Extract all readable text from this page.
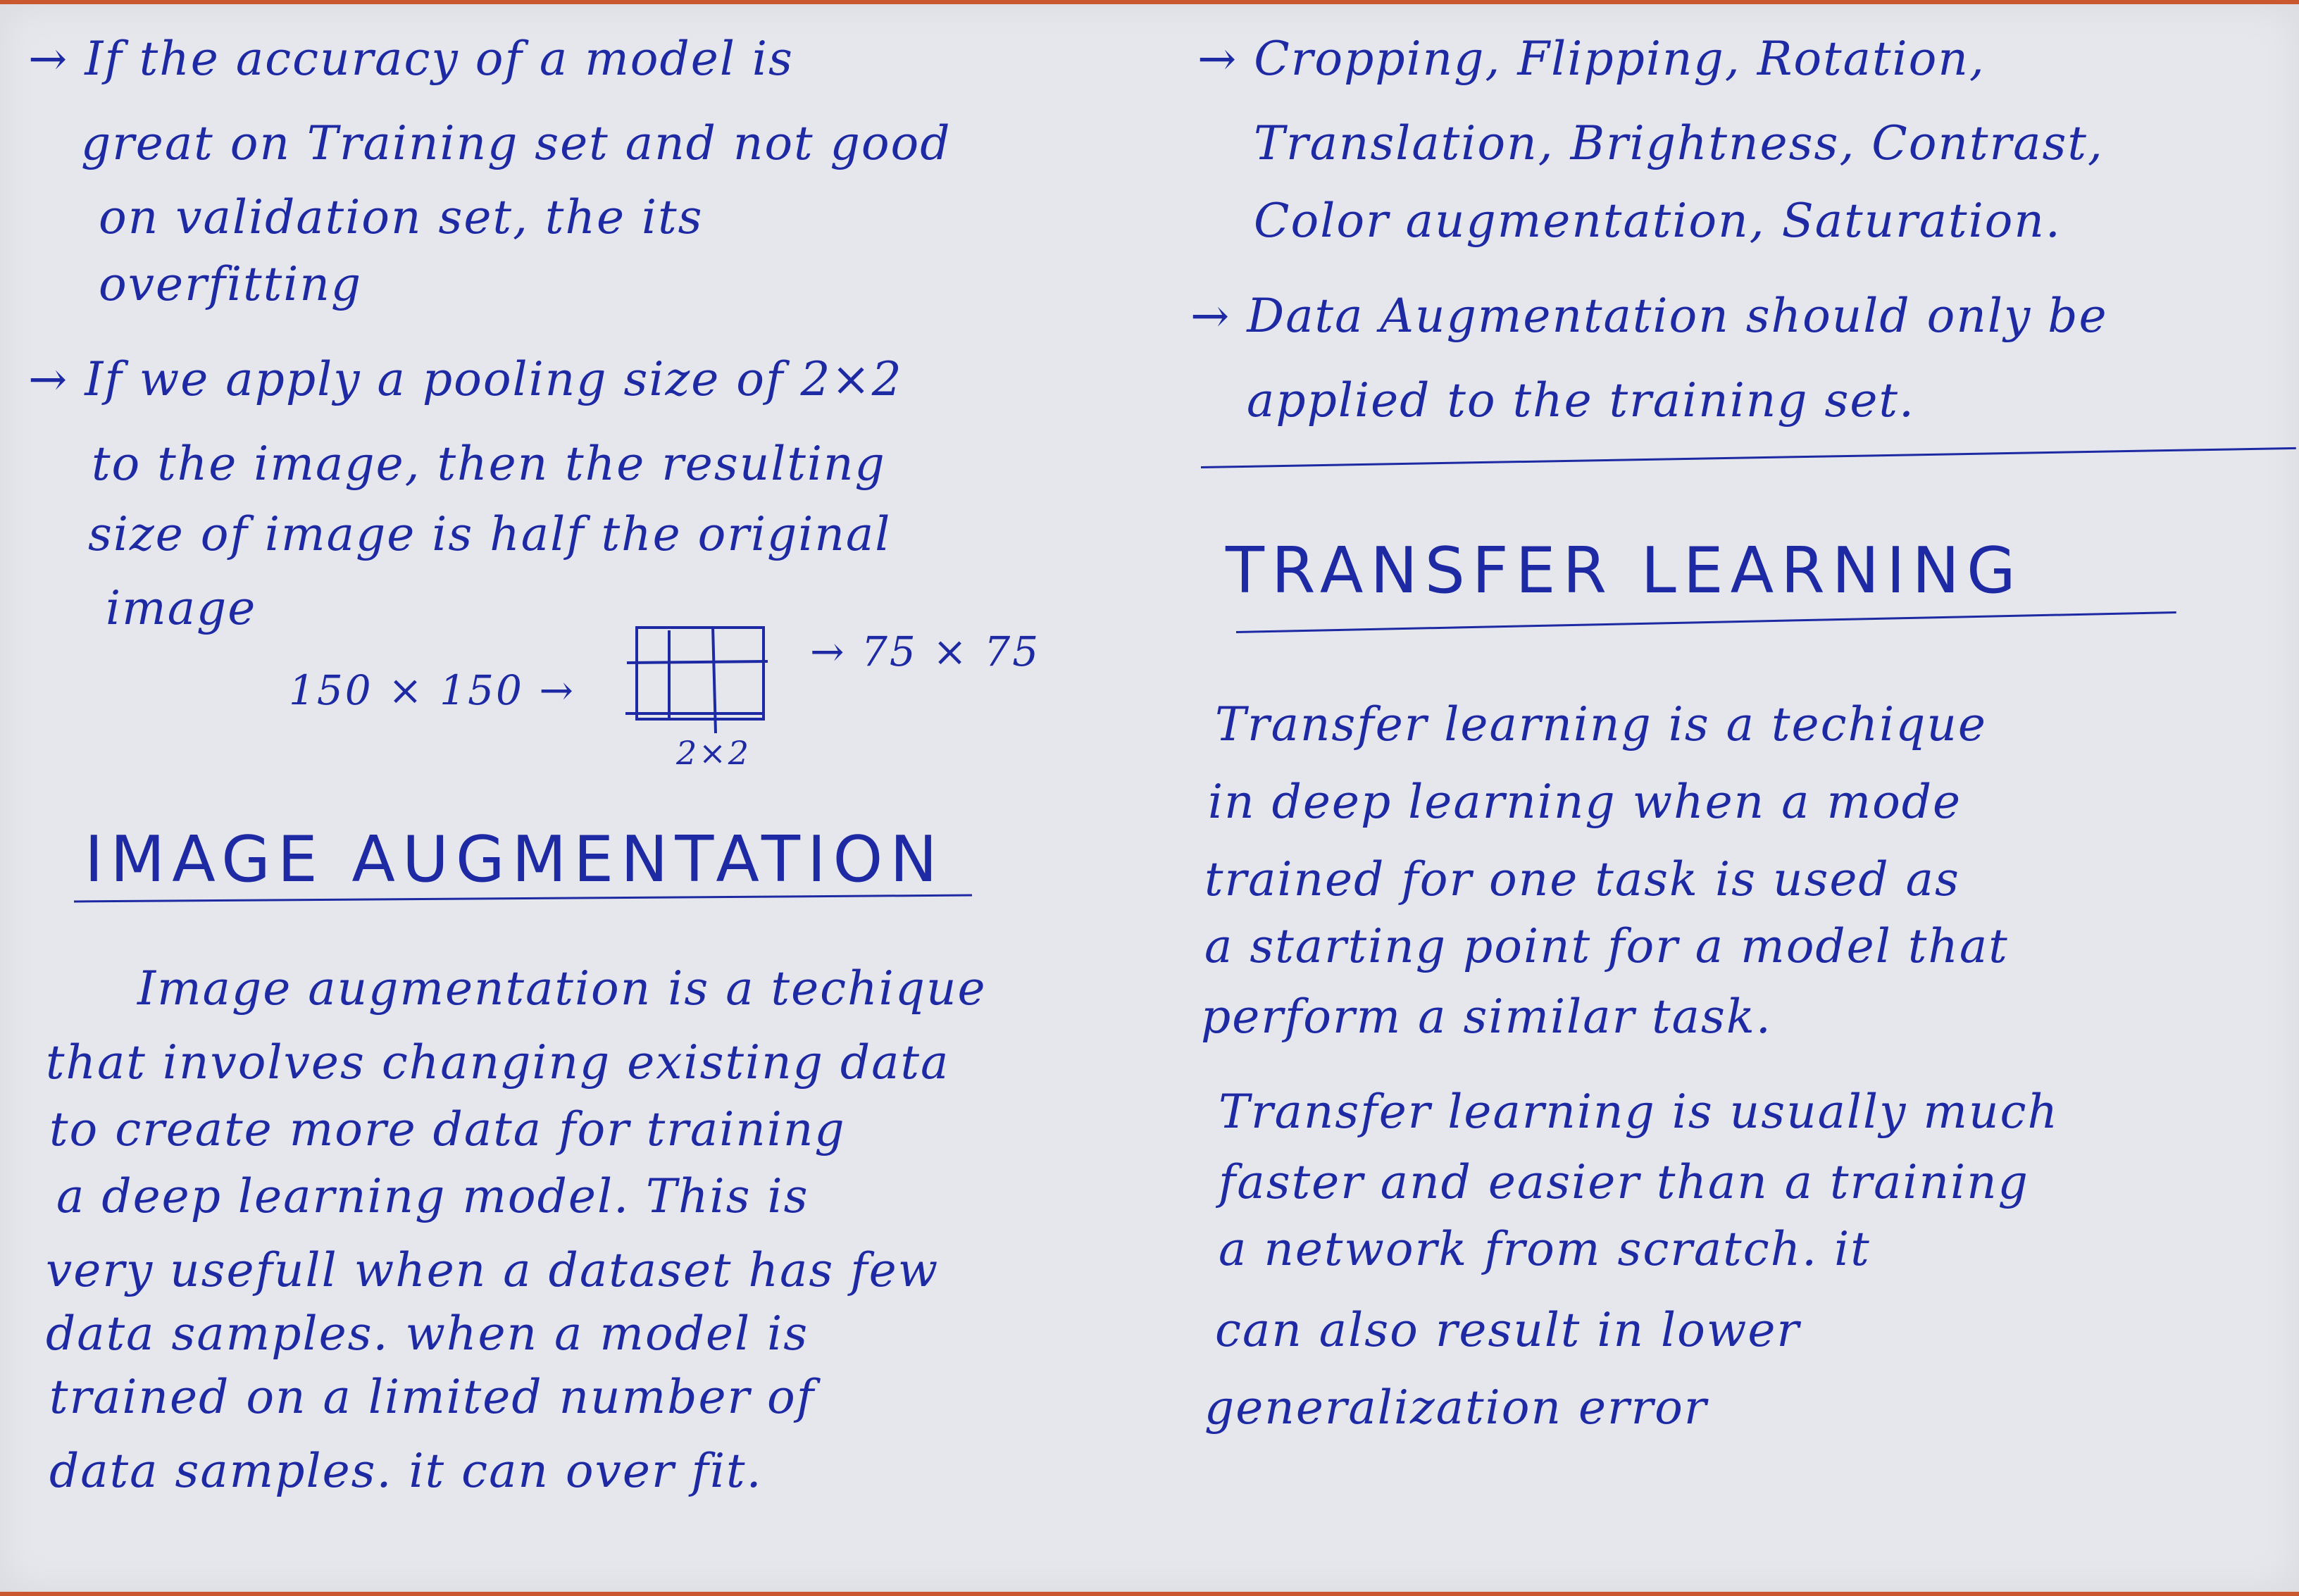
→ If the accuracy of a model is
great on Training set and not good
on validation set, the its
overfitting
→ If we apply a pooling size of 2×2
to the image, then the resulting
size of image is half the original
image
150 × 150 →
→ 75 × 75
2×2
IMAGE AUGMENTATION
Image augmentation is a techique
that involves changing existing data
to create more data for training
a deep learning model. This is
very usefull when a dataset has few
data samples. when a model is
trained on a limited number of
data samples. it can over fit.
→ Cropping, Flipping, Rotation,
Translation, Brightness, Contrast,
Color augmentation, Saturation.
→ Data Augmentation should only be
applied to the training set.
TRANSFER LEARNING
Transfer learning is a techique
in deep learning when a mode
trained for one task is used as
a starting point for a model that
perform a similar task.
Transfer learning is usually much
faster and easier than a training
a network from scratch. it
can also result in lower
generalization error
